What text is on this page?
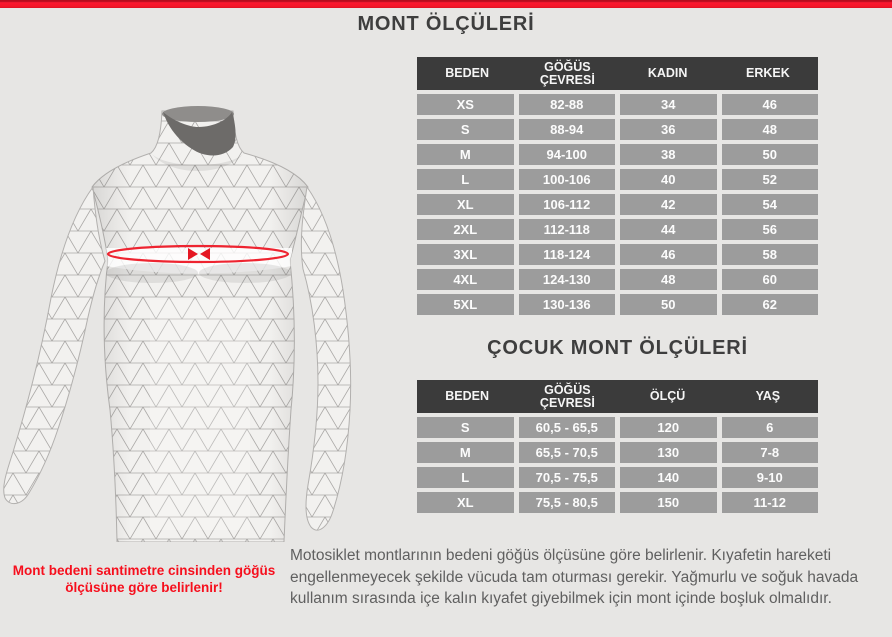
MONT ÖLÇÜLERİ
BEDEN	GÖĞÜS ÇEVRESİ	KADIN	ERKEK
XS	82-88	34	46
S	88-94	36	48
M	94-100	38	50
L	100-106	40	52
XL	106-112	42	54
2XL	112-118	44	56
3XL	118-124	46	58
4XL	124-130	48	60
5XL	130-136	50	62
ÇOCUK MONT ÖLÇÜLERİ
BEDEN	GÖĞÜS ÇEVRESİ	ÖLÇÜ	YAŞ
S	60,5 - 65,5	120	6
M	65,5 - 70,5	130	7-8
L	70,5 - 75,5	140	9-10
XL	75,5 - 80,5	150	11-12
Mont bedeni santimetre cinsinden göğüs ölçüsüne göre belirlenir!
Motosiklet montlarının bedeni göğüs ölçüsüne göre belirlenir. Kıyafetin hareketi engellenmeyecek şekilde vücuda tam oturması gerekir. Yağmurlu ve soğuk havada kullanım sırasında içe kalın kıyafet giyebilmek için mont içinde boşluk olmalıdır.
